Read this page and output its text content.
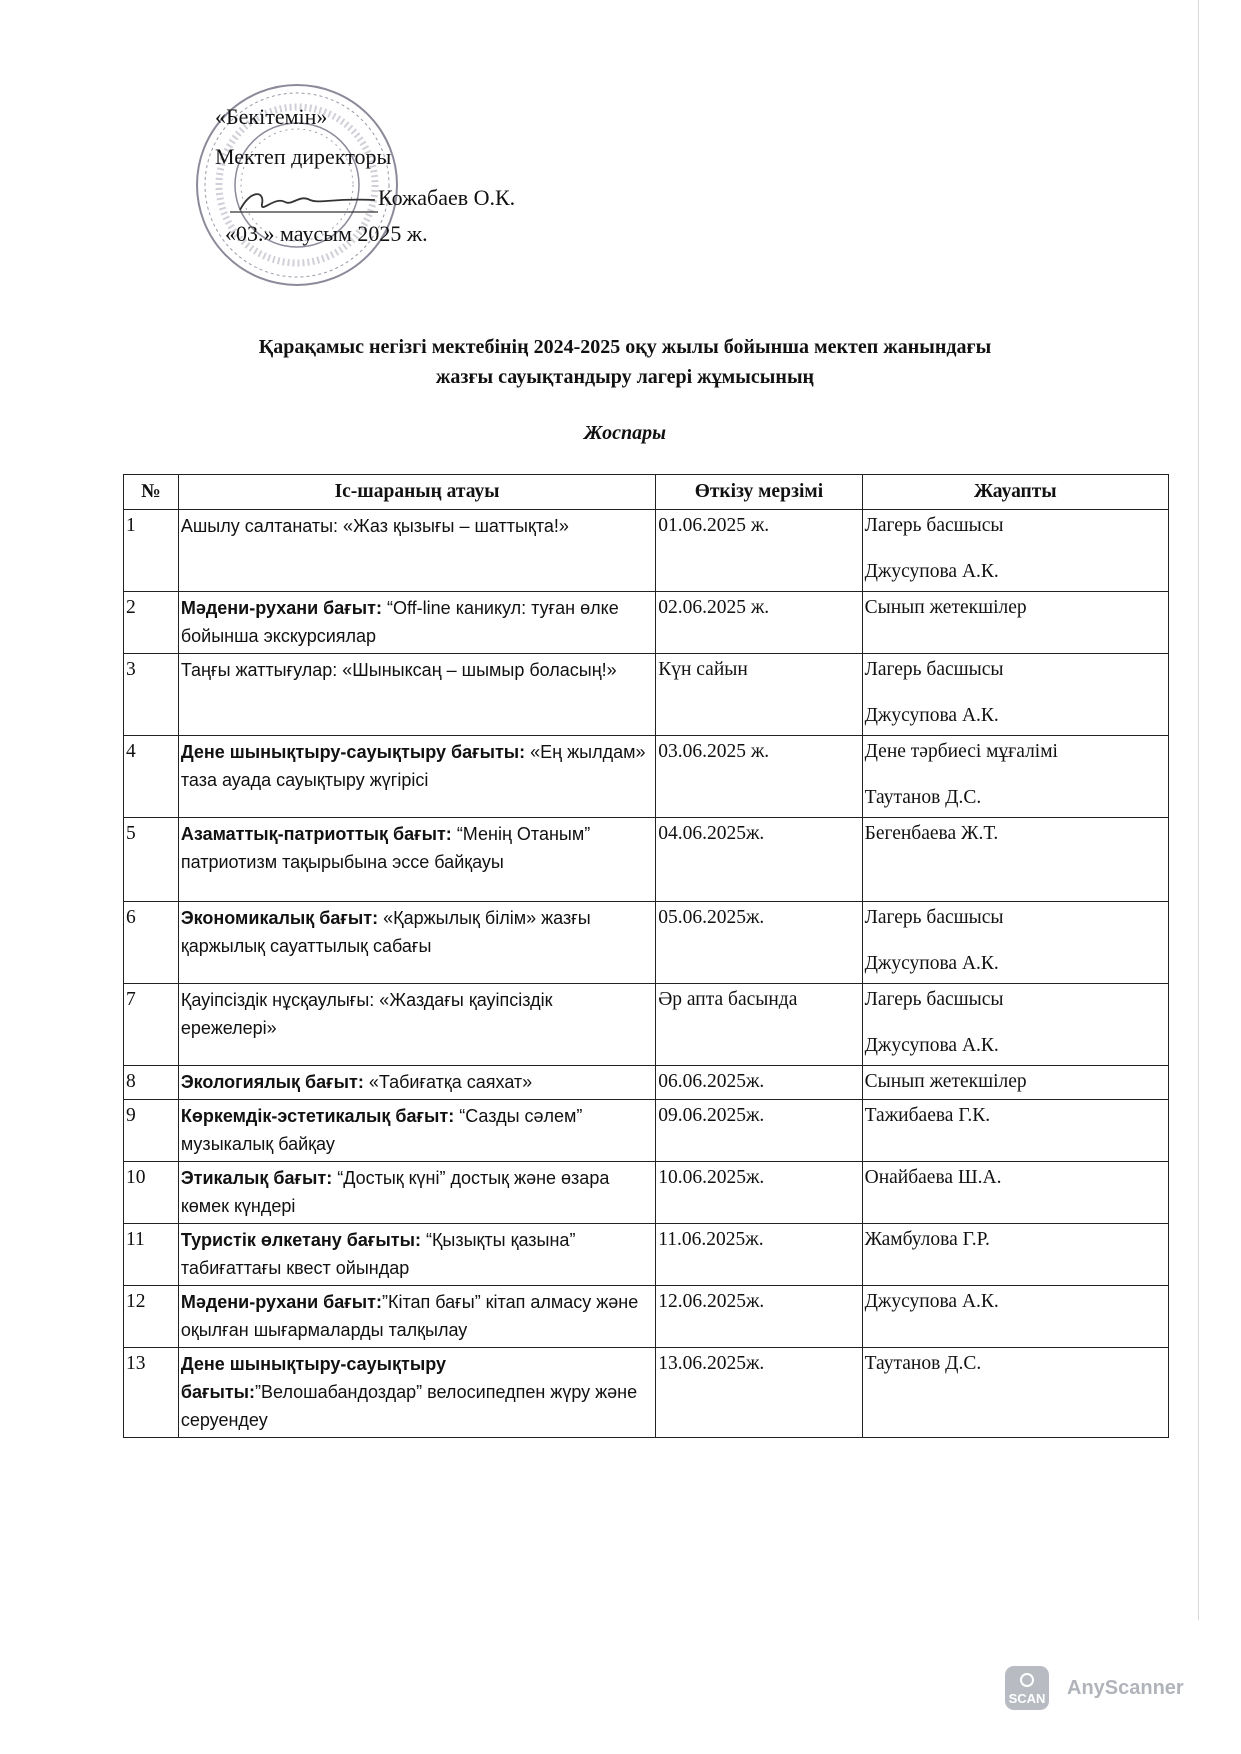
«Бекітемін»
Мектеп директоры
Кожабаев О.К.
«03.» маусым 2025 ж.
Қарақамыс негізгі мектебінің 2024-2025 оқу жылы бойынша мектеп жанындағы
жазғы сауықтандыру лагері жұмысының
Жоспары
№	Іс-шараның атауы	Өткізу мерзімі	Жауапты
1	Ашылу салтанаты: «Жаз қызығы – шаттықта!»	01.06.2025 ж.	Лагерь басшысы
Джусупова А.К.

2	Мәдени-рухани бағыт: “Off-line каникул: туған өлке бойынша экскурсиялар	02.06.2025 ж.	Сынып жетекшілер

3	Таңғы жаттығулар: «Шыныксаң – шымыр боласың!»	Күн сайын	Лагерь басшысы
Джусупова А.К.

4	Дене шынықтыру-сауықтыру бағыты: «Ең жылдам» таза ауада сауықтыру жүгірісі	03.06.2025 ж.	Дене тәрбиесі мұғалімі
Таутанов Д.С.

5	Азаматтық-патриоттық бағыт: “Менің Отаным” патриотизм тақырыбына эссе байқауы	04.06.2025ж.	Бегенбаева Ж.Т.

6	Экономикалық бағыт: «Қаржылық білім» жазғы қаржылық сауаттылық сабағы	05.06.2025ж.	Лагерь басшысы
Джусупова А.К.

7	Қауіпсіздік нұсқаулығы: «Жаздағы қауіпсіздік ережелері»	Әр апта басында	Лагерь басшысы
Джусупова А.К.

8	Экологиялық бағыт: «Табиғатқа саяхат»	06.06.2025ж.	Сынып жетекшілер

9	Көркемдік-эстетикалық бағыт: “Сазды сәлем” музыкалық байқау	09.06.2025ж.	Тажибаева Г.К.

10	Этикалық бағыт: “Достық күні” достық және өзара көмек күндері	10.06.2025ж.	Онайбаева Ш.А.

11	Туристік өлкетану бағыты: “Қызықты қазына” табиғаттағы квест ойындар	11.06.2025ж.	Жамбулова Г.Р.

12	Мәдени-рухани бағыт:”Кітап бағы” кітап алмасу және оқылған шығармаларды талқылау	12.06.2025ж.	Джусупова А.К.

13	Дене шынықтыру-сауықтыру бағыты:”Велошабандоздар” велосипедпен жүру және серуендеу	13.06.2025ж.	Таутанов Д.С.
SCAN AnyScanner
